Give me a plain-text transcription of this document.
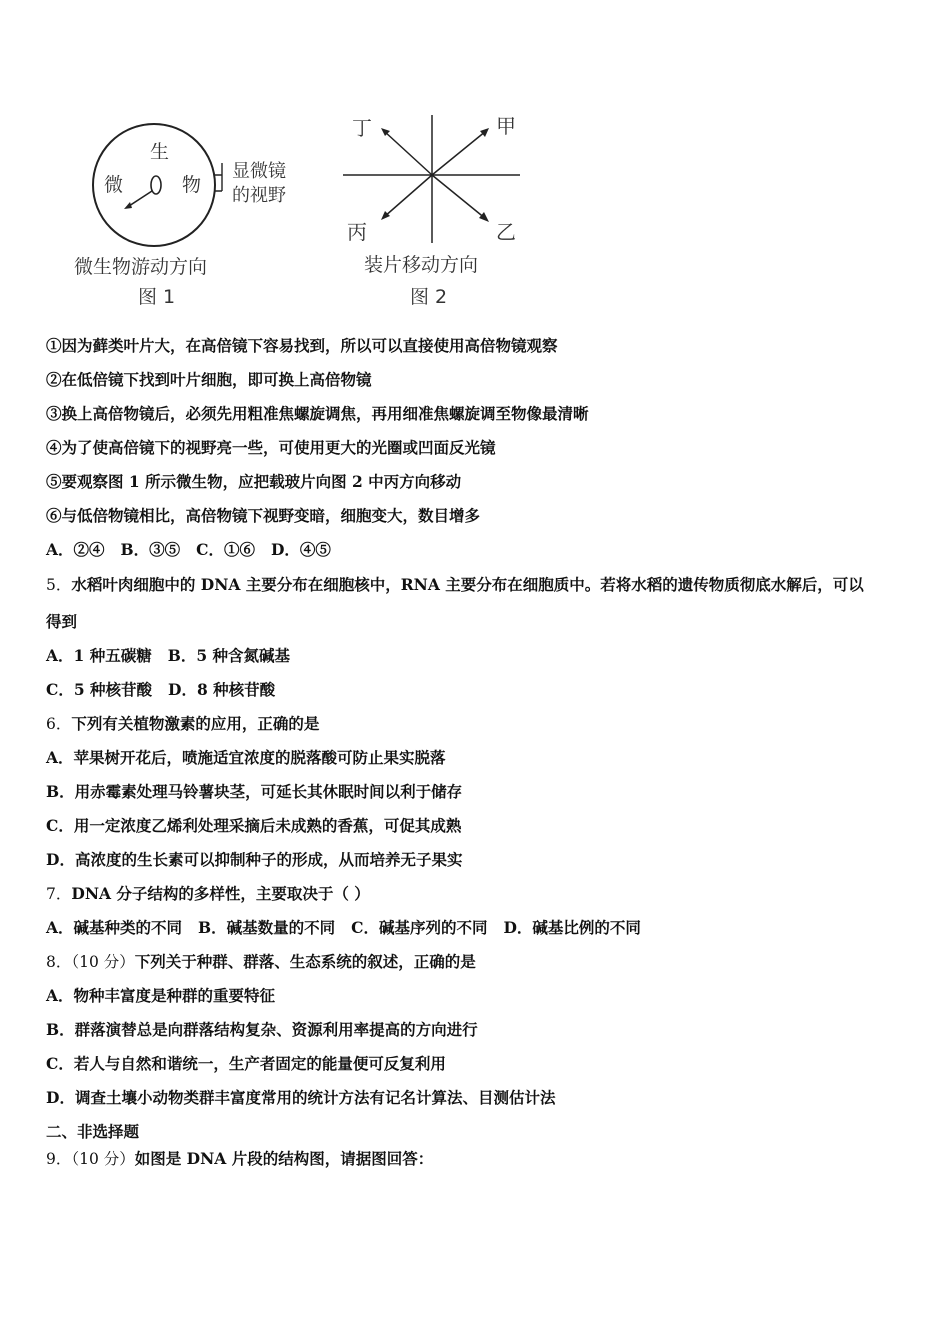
生
微	物
显微镜
的视野
微生物游动方向
图 1
丁	甲
丙	乙
装片移动方向
图 2
①因为藓类叶片大，在高倍镜下容易找到，所以可以直接使用高倍物镜观察
②在低倍镜下找到叶片细胞，即可换上高倍物镜
③换上高倍物镜后，必须先用粗准焦螺旋调焦，再用细准焦螺旋调至物像最清晰
④为了使高倍镜下的视野亮一些，可使用更大的光圈或凹面反光镜
⑤要观察图 1 所示微生物，应把载玻片向图 2 中丙方向移动
⑥与低倍物镜相比，高倍物镜下视野变暗，细胞变大，数目增多
A．②④ B．③⑤ C．①⑥ D．④⑤
5．水稻叶肉细胞中的 DNA 主要分布在细胞核中，RNA 主要分布在细胞质中。若将水稻的遗传物质彻底水解后，可以
得到
A．1 种五碳糖 B．5 种含氮碱基
C．5 种核苷酸 D．8 种核苷酸
6．下列有关植物激素的应用，正确的是
A．苹果树开花后，喷施适宜浓度的脱落酸可防止果实脱落
B．用赤霉素处理马铃薯块茎，可延长其休眠时间以利于储存
C．用一定浓度乙烯利处理采摘后未成熟的香蕉，可促其成熟
D．高浓度的生长素可以抑制种子的形成，从而培养无子果实
7．DNA 分子结构的多样性，主要取决于（ ）
A．碱基种类的不同 B．碱基数量的不同 C．碱基序列的不同 D．碱基比例的不同
8．（10 分）下列关于种群、群落、生态系统的叙述，正确的是
A．物种丰富度是种群的重要特征
B．群落演替总是向群落结构复杂、资源利用率提高的方向进行
C．若人与自然和谐统一，生产者固定的能量便可反复利用
D．调查土壤小动物类群丰富度常用的统计方法有记名计算法、目测估计法
二、非选择题
9．（10 分）如图是 DNA 片段的结构图，请据图回答：
